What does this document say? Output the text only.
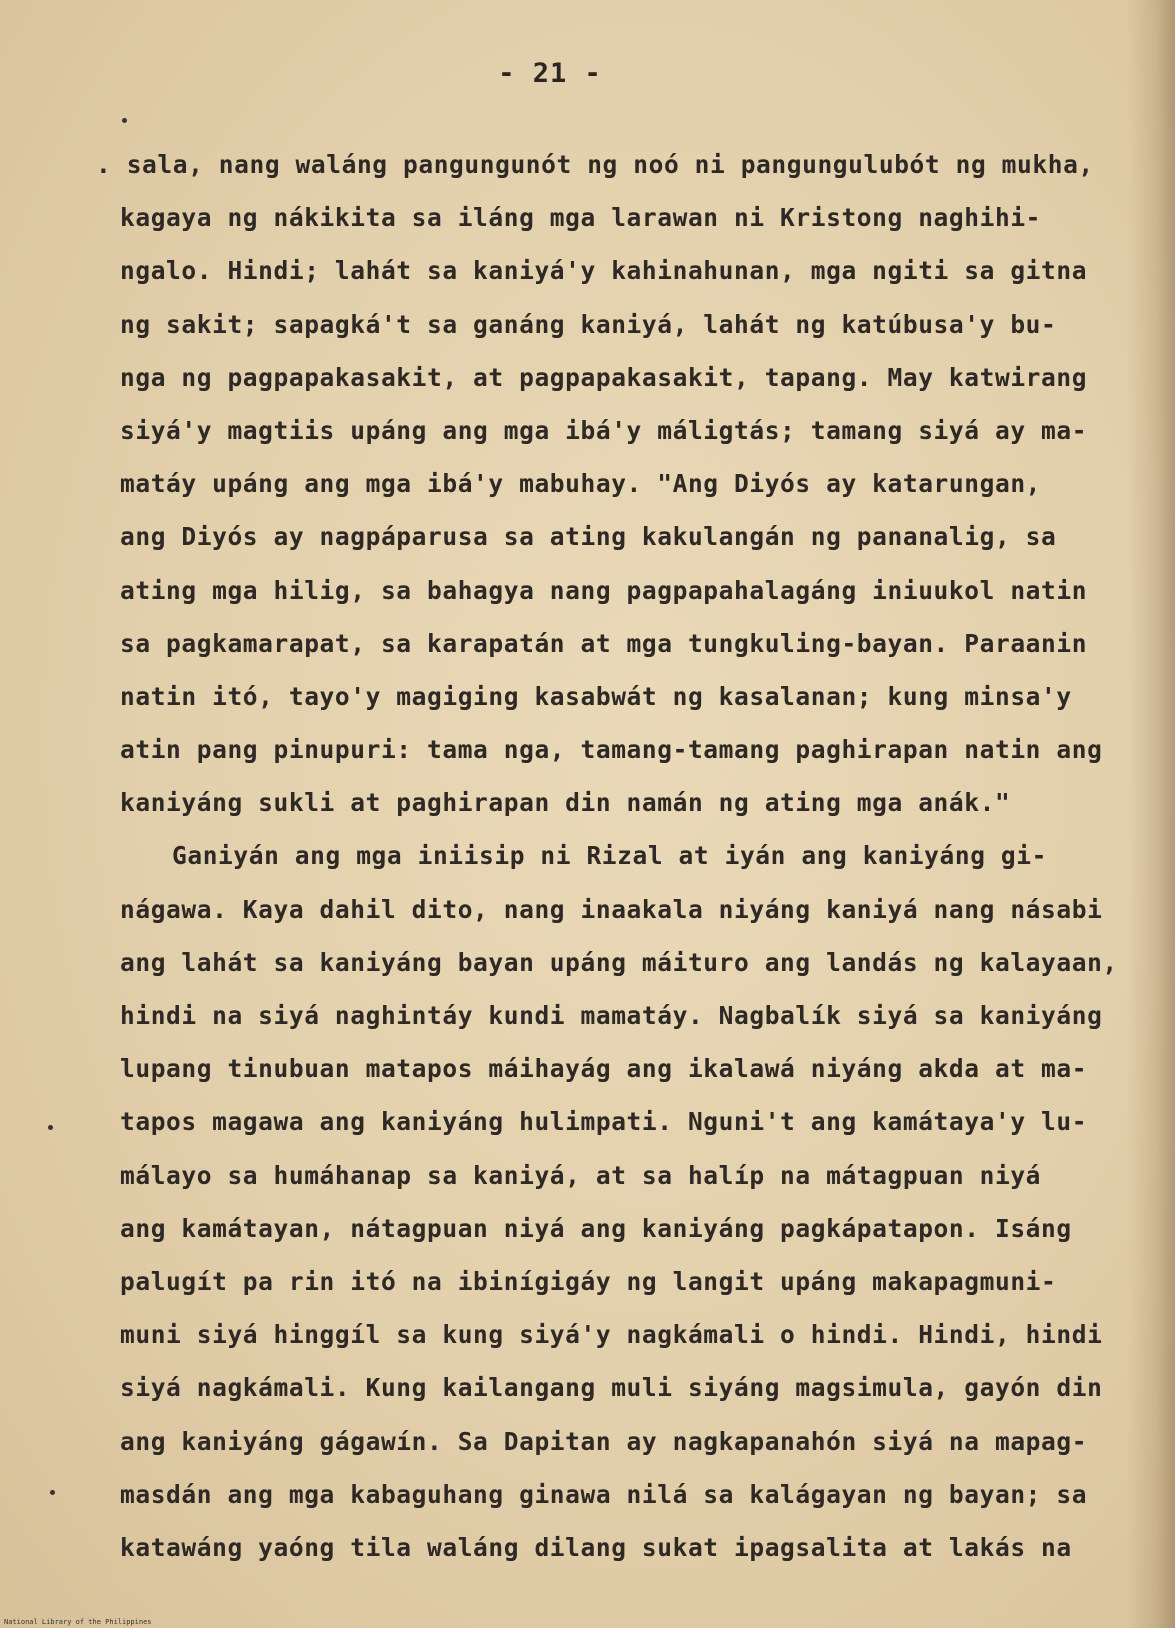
- 21 -
. sala, nang waláng pangungunót ng noó ni pangungulubót ng mukha,
kagaya ng nákikita sa iláng mga larawan ni Kristong naghihi-
ngalo. Hindi; lahát sa kaniyá'y kahinahunan, mga ngiti sa gitna
ng sakit; sapagká't sa ganáng kaniyá, lahát ng katúbusa'y bu-
nga ng pagpapakasakit, at pagpapakasakit, tapang. May katwirang
siyá'y magtiis upáng ang mga ibá'y máligtás; tamang siyá ay ma-
matáy upáng ang mga ibá'y mabuhay. "Ang Diyós ay katarungan,
ang Diyós ay nagpáparusa sa ating kakulangán ng pananalig, sa
ating mga hilig, sa bahagya nang pagpapahalagáng iniuukol natin
sa pagkamarapat, sa karapatán at mga tungkuling-bayan. Paraanin
natin itó, tayo'y magiging kasabwát ng kasalanan; kung minsa'y
atin pang pinupuri: tama nga, tamang-tamang paghirapan natin ang
kaniyáng sukli at paghirapan din namán ng ating mga anák."
Ganiyán ang mga iniisip ni Rizal at iyán ang kaniyáng gi-
nágawa. Kaya dahil dito, nang inaakala niyáng kaniyá nang násabi
ang lahát sa kaniyáng bayan upáng máituro ang landás ng kalayaan,
hindi na siyá naghintáy kundi mamatáy. Nagbalík siyá sa kaniyáng
lupang tinubuan matapos máihayág ang ikalawá niyáng akda at ma-
tapos magawa ang kaniyáng hulimpati. Nguni't ang kamátaya'y lu-
málayo sa humáhanap sa kaniyá, at sa halíp na mátagpuan niyá
ang kamátayan, nátagpuan niyá ang kaniyáng pagkápatapon. Isáng
palugít pa rin itó na ibinígigáy ng langit upáng makapagmuni-
muni siyá hinggíl sa kung siyá'y nagkámali o hindi. Hindi, hindi
siyá nagkámali. Kung kailangang muli siyáng magsimula, gayón din
ang kaniyáng gágawín. Sa Dapitan ay nagkapanahón siyá na mapag-
masdán ang mga kabaguhang ginawa nilá sa kalágayan ng bayan; sa
katawáng yaóng tila waláng dilang sukat ipagsalita at lakás na
National Library of the Philippines
